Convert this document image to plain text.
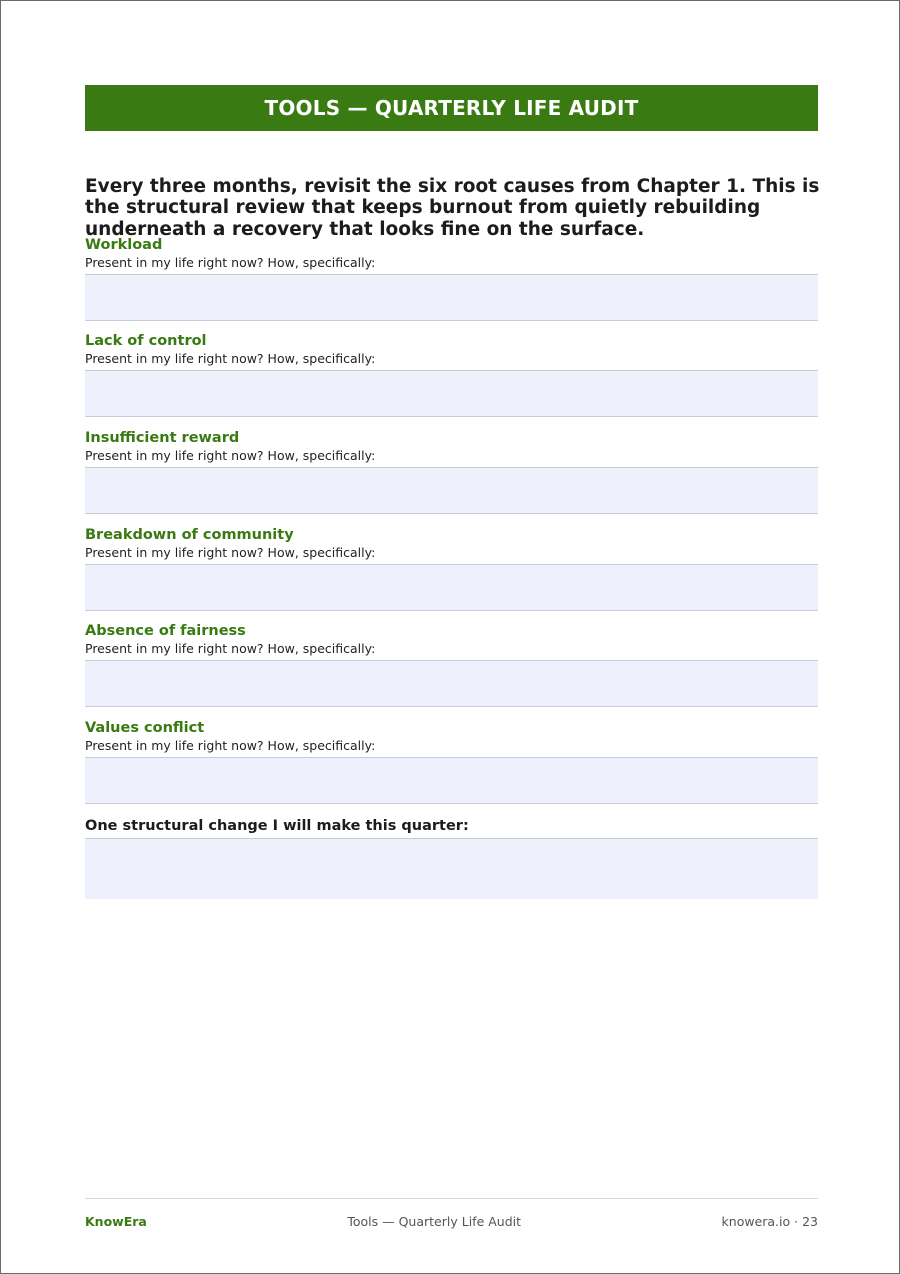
TOOLS — QUARTERLY LIFE AUDIT

Every three months, revisit the six root causes from Chapter 1. This is the structural review that keeps burnout from quietly rebuilding underneath a recovery that looks fine on the surface.

Workload

Present in my life right now? How, specifically:

Lack of control

Present in my life right now? How, specifically:

Insufficient reward

Present in my life right now? How, specifically:

Breakdown of community

Present in my life right now? How, specifically:

Absence of fairness

Present in my life right now? How, specifically:

Values conflict

Present in my life right now? How, specifically:

One structural change I will make this quarter:

KnowEra	Tools — Quarterly Life Audit	knowera.io · 23
